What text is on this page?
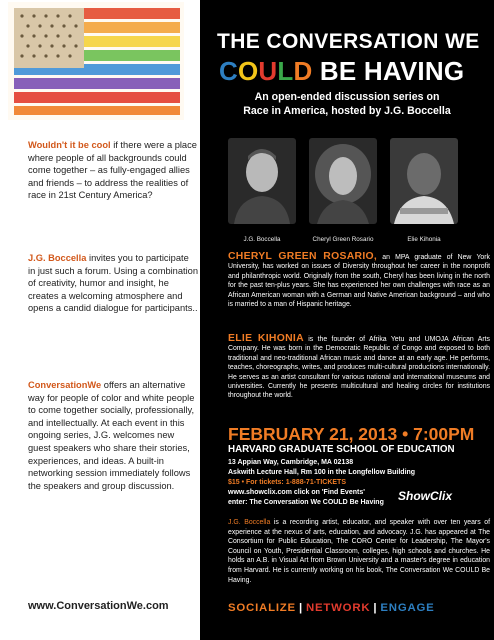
Wouldn't it be cool if there were a place where people of all backgrounds could come together – as fully-engaged allies and friends – to address the realities of race in 21st Century America?

J.G. Boccella invites you to participate in just such a forum. Using a combination of creativity, humor and insight, he creates a welcoming atmosphere and opens a candid dialogue for participants..

ConversationWe offers an alternative way for people of color and white people to come together socially, professionally, and intellectually. At each event in this ongoing series, J.G. welcomes new guest speakers who share their stories, experiences, and ideas. A built-in networking session immediately follows the speakers and group discussion.

www.ConversationWe.com
THE CONVERSATION WE
COULD BE HAVING
An open-ended discussion series on
Race in America, hosted by J.G. Boccella
J.G. Boccella	Cheryl Green Rosario	Elie Kihonia

CHERYL GREEN ROSARIO, an MPA graduate of New York University, has worked on issues of Diversity throughout her career in the nonprofit and philanthropic world. Originally from the south, Cheryl has been living in the north for the past ten-plus years. She has experienced her own challenges with race as an African American woman with a German and Native American background – and who is married to a man of Hispanic heritage.

ELIE KIHONIA is the founder of Afrika Yetu and UMOJA African Arts Company. He was born in the Democratic Republic of Congo and exposed to both traditional and neo-traditional African music and dance at an early age. He performs, teaches, choreographs, writes, and produces multi-cultural productions internationally. He serves as an artist consultant for various national and international museums and universities. Currently he presents multicultural and healing circles for institutions throughout the world.

FEBRUARY 21, 2013 • 7:00PM
HARVARD GRADUATE SCHOOL OF EDUCATION
13 Appian Way, Cambridge, MA 02138
Askwith Lecture Hall, Rm 100 in the Longfellow Building
$15 • For tickets: 1-888-71-TICKETS
www.showclix.com click on 'Find Events'
enter: The Conversation We COULD Be Having

J.G. Boccella is a recording artist, educator, and speaker with over ten years of experience at the nexus of arts, education, and advocacy. J.G. has appeared at The Consortium for Public Education, The CORO Center for Leadership, The Mayor's Council on Youth, Presidential Classroom, colleges, high schools and churches. He holds an A.B. in Visual Art from Brown University and a master's degree in education from Harvard. He is currently working on his book, The Conversation We COULD Be Having.

SOCIALIZE | NETWORK | ENGAGE
ShowClix
